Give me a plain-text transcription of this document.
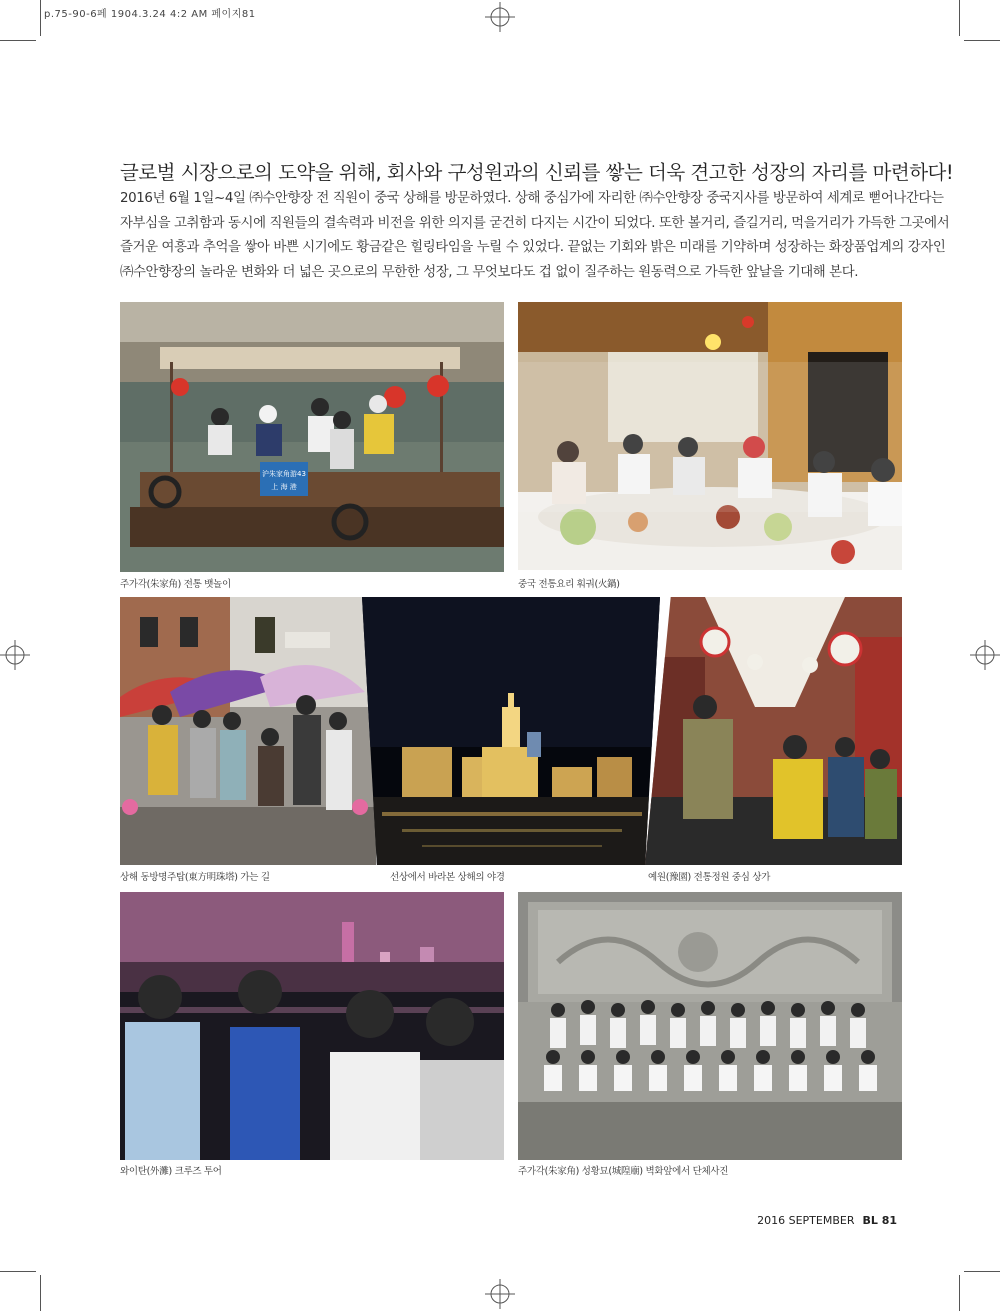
p.75-90-6페 1904.3.24 4:2 AM 페이지81
글로벌 시장으로의 도약을 위해, 회사와 구성원과의 신뢰를 쌓는 더욱 견고한 성장의 자리를 마련하다!
2016년 6월 1일~4일 ㈜수안향장 전 직원이 중국 상해를 방문하였다. 상해 중심가에 자리한 ㈜수안향장 중국지사를 방문하여 세계로 뻗어나간다는
자부심을 고취함과 동시에 직원들의 결속력과 비전을 위한 의지를 굳건히 다지는 시간이 되었다. 또한 볼거리, 즐길거리, 먹을거리가 가득한 그곳에서
즐거운 여흥과 추억을 쌓아 바쁜 시기에도 황금같은 힐링타임을 누릴 수 있었다. 끝없는 기회와 밝은 미래를 기약하며 성장하는 화장품업계의 강자인
㈜수안향장의 놀라운 변화와 더 넓은 곳으로의 무한한 성장, 그 무엇보다도 겁 없이 질주하는 원동력으로 가득한 앞날을 기대해 본다.
沪朱家角游43
上 海 港
주가각(朱家角) 전통 뱃놀이	중국 전통요리 훠궈(火鍋)
상해 동방명주탑(東方明珠塔) 가는 길	선상에서 바라본 상해의 야경	예원(豫園) 전통정원 중심 상가
와이탄(外灘) 크루즈 투어	주가각(朱家角) 성황묘(城隍廟) 벽화앞에서 단체사진
2016 SEPTEMBER BL 81
